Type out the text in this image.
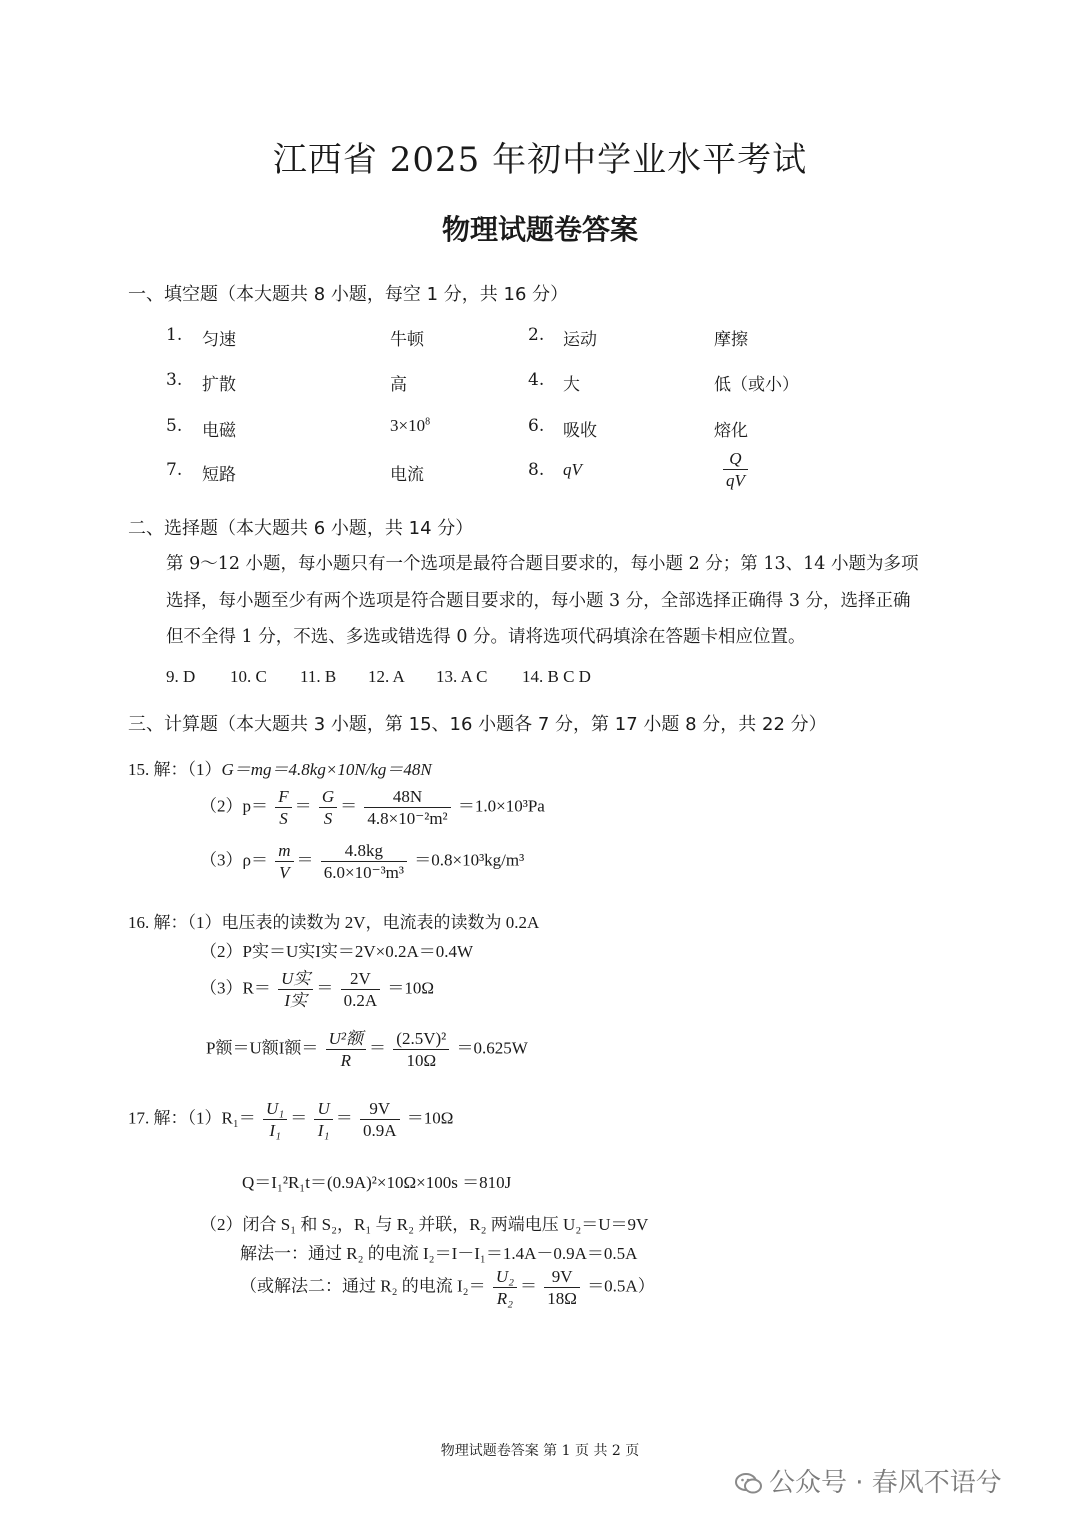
江西省 2025 年初中学业水平考试
物理试题卷答案
一、填空题（本大题共 8 小题，每空 1 分，共 16 分）
1. 匀速	牛顿	2. 运动	摩擦
3. 扩散	高	4. 大	低（或小）
5. 电磁	$3\times 10^8$	6. 吸收	熔化
7. 短路	电流	8. qV	$\frac{Q}{qV}$
二、选择题（本大题共 6 小题，共 14 分）
第 9～12 小题，每小题只有一个选项是最符合题目要求的，每小题 2 分；第 13、14 小题为多项
选择，每小题至少有两个选项是符合题目要求的，每小题 3 分，全部选择正确得 3 分，选择正确
但不全得 1 分，不选、多选或错选得 0 分。请将选项代码填涂在答题卡相应位置。
9. D 10. C 11. B 12. A 13. A C 14. B C D
三、计算题（本大题共 3 小题，第 15、16 小题各 7 分，第 17 小题 8 分，共 22 分）
15. 解：（1）G＝mg＝4.8kg×10N/kg＝48N
$(2)p= \frac{F}{S} = \frac{G}{S} = \frac{48N}{\text{4.8×10⁻²m²}} =1.0\times 10^3Pa$
$(3)\rho= \frac{m}{V} = \frac{4.8kg}{\text{6.0×10⁻³m³}} =0.8\times 10^3kg/m^3$
16. 解：（1）电压表的读数为 2V，电流表的读数为 0.2A
（2）P实＝U实I实＝2V×0.2A＝0.4W
$(3)R= \frac{\text{U实}}{\text{I实}} = \frac{2V}{0.2A} =10\Omega$
P额＝U额I额＝ $\frac{\text{U²额}}{R} = \frac{\text{(2.5V)²}}{10\Omega} =0.625W$
17. 解：$(1)R_1= \frac{\text{U₁}}{\text{I₁}} = \frac{U}{\text{I₁}} = \frac{9V}{0.9A} =10\Omega$
Q＝I₁²R₁t＝(0.9A)²×10Ω×100s ＝810J
（2）闭合 S₁ 和 S₂，R₁ 与 R₂ 并联，R₂ 两端电压 U₂＝U＝9V
解法一：通过 R₂ 的电流 I₂＝I－I₁＝1.4A－0.9A＝0.5A
（或解法二：通过 R₂ 的电流 $I_2= \frac{\text{U₂}}{\text{R₂}} = \frac{9V}{18\Omega} =0.5A$）
物理试题卷答案 第 1 页 共 2 页
公众号 · 春风不语兮
